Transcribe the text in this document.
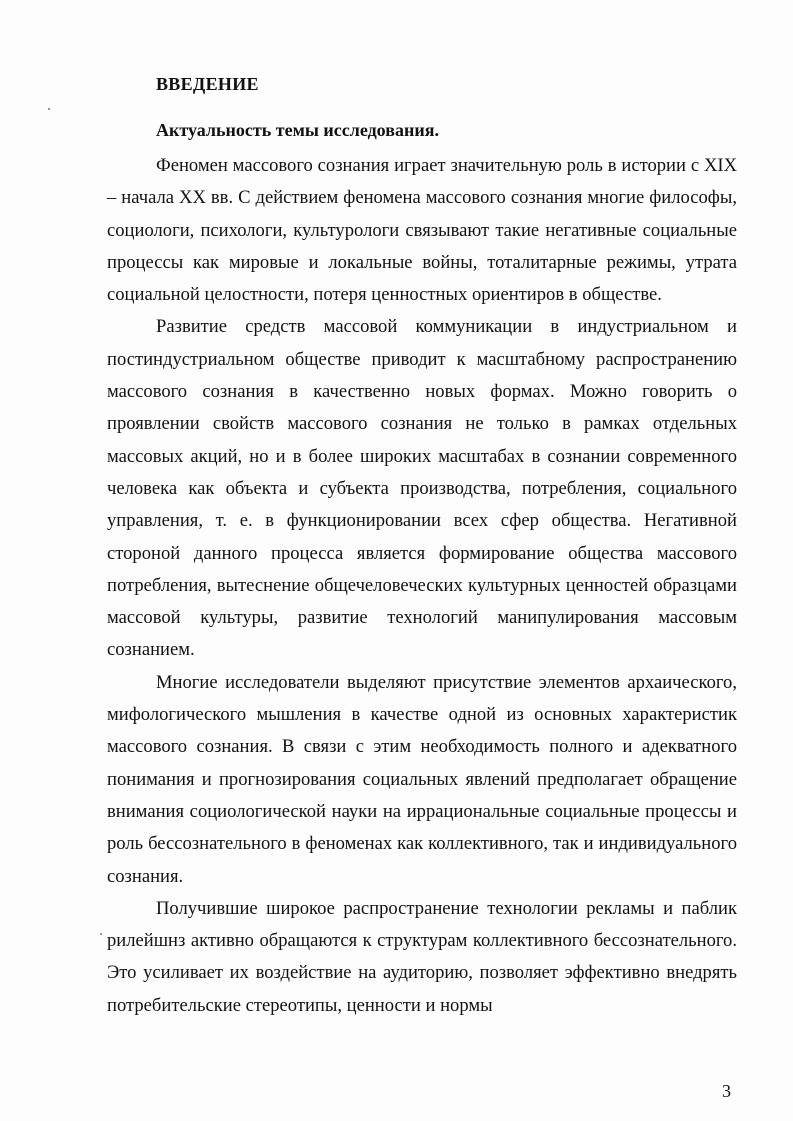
ВВЕДЕНИЕ
Актуальность темы исследования.

Феномен массового сознания играет значительную роль в истории с XIX – начала XX вв. С действием феномена массового сознания многие философы, социологи, психологи, культурологи связывают такие негативные социальные процессы как мировые и локальные войны, тоталитарные режимы, утрата социальной целостности, потеря ценностных ориентиров в обществе.

Развитие средств массовой коммуникации в индустриальном и постиндустриальном обществе приводит к масштабному распространению массового сознания в качественно новых формах. Можно говорить о проявлении свойств массового сознания не только в рамках отдельных массовых акций, но и в более широких масштабах в сознании современного человека как объекта и субъекта производства, потребления, социального управления, т. е. в функционировании всех сфер общества. Негативной стороной данного процесса является формирование общества массового потребления, вытеснение общечеловеческих культурных ценностей образцами массовой культуры, развитие технологий манипулирования массовым сознанием.

Многие исследователи выделяют присутствие элементов архаического, мифологического мышления в качестве одной из основных характеристик массового сознания. В связи с этим необходимость полного и адекватного понимания и прогнозирования социальных явлений предполагает обращение внимания социологической науки на иррациональные социальные процессы и роль бессознательного в феноменах как коллективного, так и индивидуального сознания.

Получившие широкое распространение технологии рекламы и паблик рилейшнз активно обращаются к структурам коллективного бессознательного. Это усиливает их воздействие на аудиторию, позволяет эффективно внедрять потребительские стереотипы, ценности и нормы

3
